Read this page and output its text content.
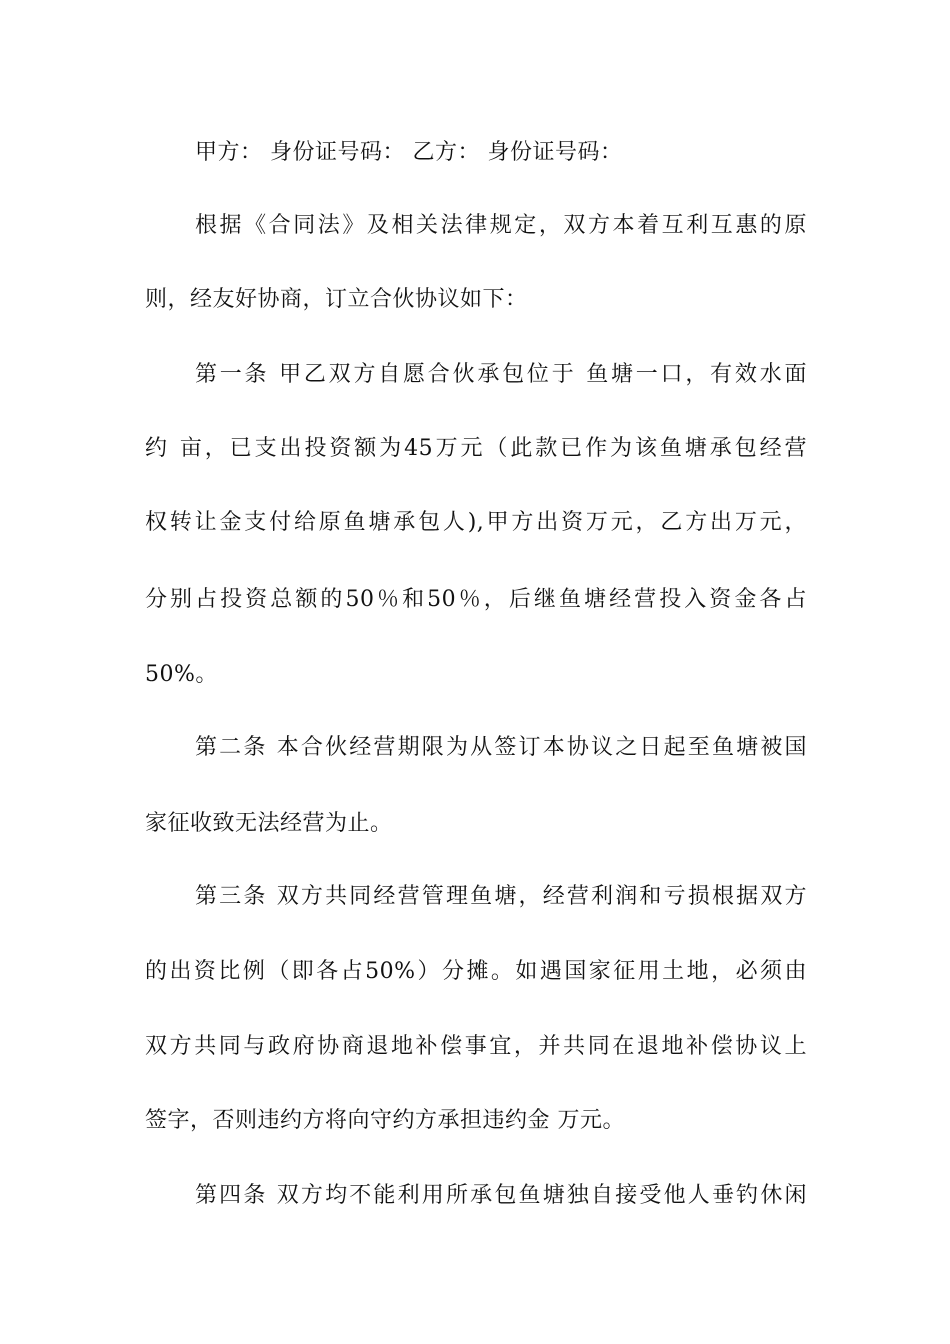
甲方： 身份证号码： 乙方： 身份证号码：
根据《合同法》及相关法律规定，双方本着互利互惠的原
则，经友好协商，订立合伙协议如下：
第一条 甲乙双方自愿合伙承包位于 鱼塘一口，有效水面
约 亩，已支出投资额为45万元（此款已作为该鱼塘承包经营
权转让金支付给原鱼塘承包人),甲方出资万元，乙方出万元，
分别占投资总额的50％和50％，后继鱼塘经营投入资金各占
50%。
第二条 本合伙经营期限为从签订本协议之日起至鱼塘被国
家征收致无法经营为止。
第三条 双方共同经营管理鱼塘，经营利润和亏损根据双方
的出资比例（即各占50%）分摊。如遇国家征用土地，必须由
双方共同与政府协商退地补偿事宜，并共同在退地补偿协议上
签字，否则违约方将向守约方承担违约金 万元。
第四条 双方均不能利用所承包鱼塘独自接受他人垂钓休闲
